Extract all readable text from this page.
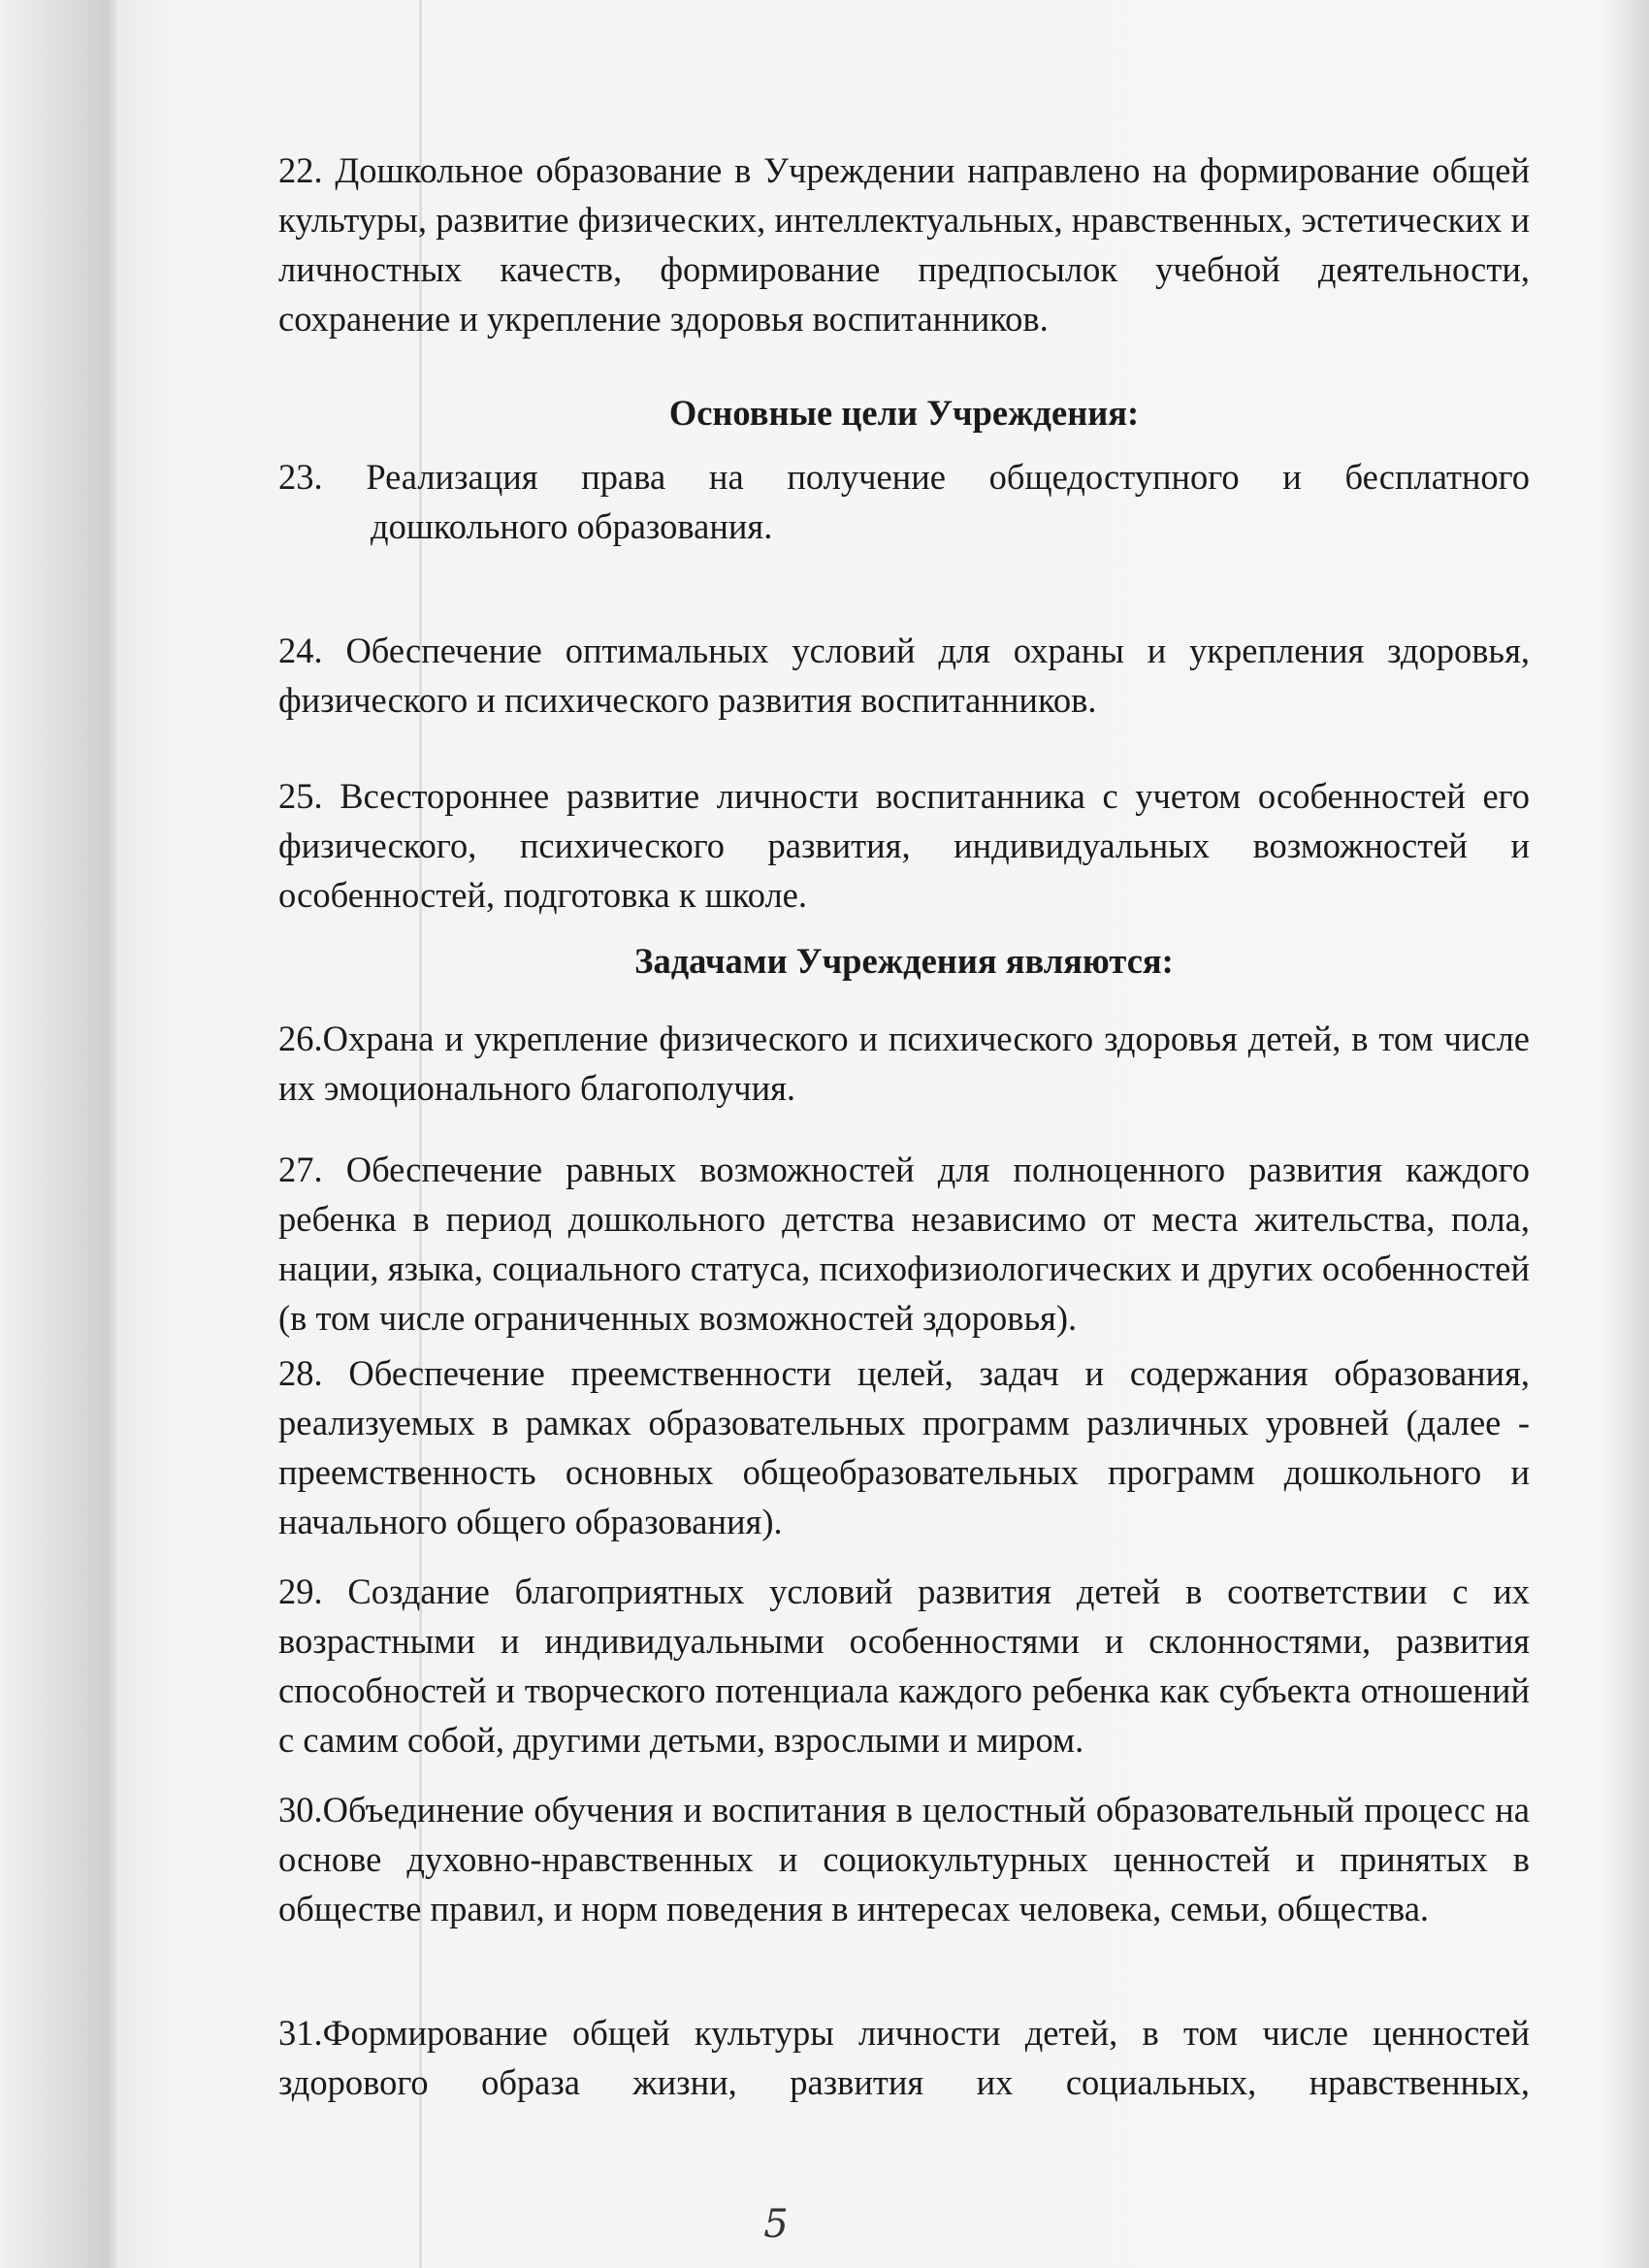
22. Дошкольное образование в Учреждении направлено на формирование общей культуры, развитие физических, интеллектуальных, нравственных, эстетических и личностных качеств, формирование предпосылок учебной деятельности, сохранение и укрепление здоровья воспитанников.

Основные цели Учреждения:

23. Реализация права на получение общедоступного и бесплатного
дошкольного образования.

24. Обеспечение оптимальных условий для охраны и укрепления здоровья, физического и психического развития воспитанников.

25. Всестороннее развитие личности воспитанника с учетом особенностей его физического, психического развития, индивидуальных возможностей и особенностей, подготовка к школе.

Задачами Учреждения являются:

26.Охрана и укрепление физического и психического здоровья детей, в том числе их эмоционального благополучия.

27. Обеспечение равных возможностей для полноценного развития каждого ребенка в период дошкольного детства независимо от места жительства, пола, нации, языка, социального статуса, психофизиологических и других особенностей (в том числе ограниченных возможностей здоровья).

28. Обеспечение преемственности целей, задач и содержания образования, реализуемых в рамках образовательных программ различных уровней (далее - преемственность основных общеобразовательных программ дошкольного и начального общего образования).

29. Создание благоприятных условий развития детей в соответствии с их возрастными и индивидуальными особенностями и склонностями, развития способностей и творческого потенциала каждого ребенка как субъекта отношений с самим собой, другими детьми, взрослыми и миром.

30.Объединение обучения и воспитания в целостный образовательный процесс на основе духовно-нравственных и социокультурных ценностей и принятых в обществе правил, и норм поведения в интересах человека, семьи, общества.

31.Формирование общей культуры личности детей, в том числе ценностей здорового образа жизни, развития их социальных, нравственных,

5
